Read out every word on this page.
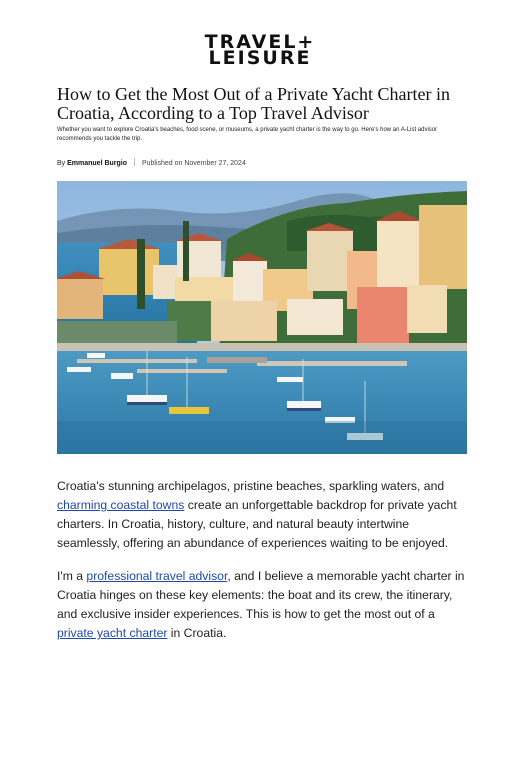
TRAVEL+
LEISURE
How to Get the Most Out of a Private Yacht Charter in Croatia, According to a Top Travel Advisor

Whether you want to explore Croatia's beaches, food scene, or museums, a private yacht charter is the way to go. Here's how an A-List advisor recommends you tackle the trip.

By Emmanuel Burgio Published on November 27, 2024

Croatia's stunning archipelagos, pristine beaches, sparkling waters, and charming coastal towns create an unforgettable backdrop for private yacht charters. In Croatia, history, culture, and natural beauty intertwine seamlessly, offering an abundance of experiences waiting to be enjoyed.

I'm a professional travel advisor, and I believe a memorable yacht charter in Croatia hinges on these key elements: the boat and its crew, the itinerary, and exclusive insider experiences. This is how to get the most out of a private yacht charter in Croatia.
